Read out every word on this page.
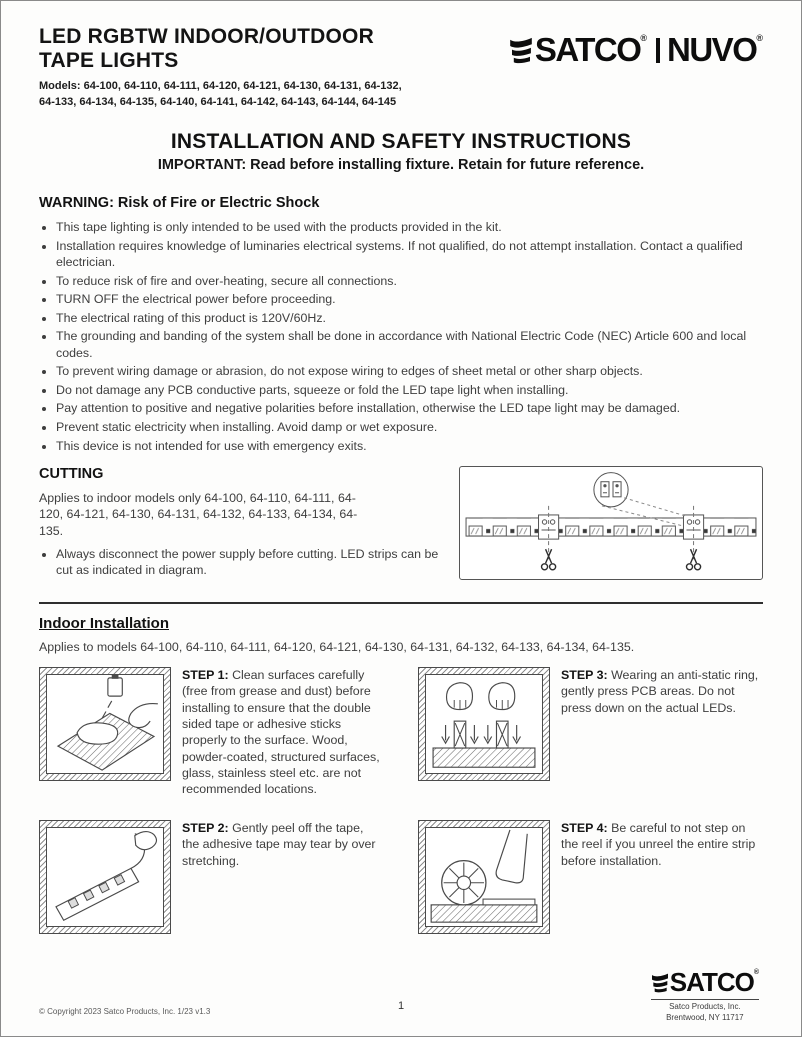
LED RGBTW INDOOR/OUTDOOR
TAPE LIGHTS
Models: 64-100, 64-110, 64-111, 64-120, 64-121, 64-130, 64-131, 64-132,
64-133, 64-134, 64-135, 64-140, 64-141, 64-142, 64-143, 64-144, 64-145
SATCO® NUVO®
INSTALLATION AND SAFETY INSTRUCTIONS

IMPORTANT: Read before installing fixture. Retain for future reference.

WARNING: Risk of Fire or Electric Shock
• This tape lighting is only intended to be used with the products provided in the kit.
• Installation requires knowledge of luminaries electrical systems. If not qualified, do not attempt installation. Contact a qualified electrician.
• To reduce risk of fire and over-heating, secure all connections.
• TURN OFF the electrical power before proceeding.
• The electrical rating of this product is 120V/60Hz.
• The grounding and banding of the system shall be done in accordance with National Electric Code (NEC) Article 600 and local codes.
• To prevent wiring damage or abrasion, do not expose wiring to edges of sheet metal or other sharp objects.
• Do not damage any PCB conductive parts, squeeze or fold the LED tape light when installing.
• Pay attention to positive and negative polarities before installation, otherwise the LED tape light may be damaged.
• Prevent static electricity when installing. Avoid damp or wet exposure.
• This device is not intended for use with emergency exits.
CUTTING

Applies to indoor models only 64-100, 64-110, 64-111, 64-120, 64-121, 64-130, 64-131, 64-132, 64-133, 64-134, 64-135.

• Always disconnect the power supply before cutting. LED strips can be cut as indicated in diagram.
Indoor Installation

Applies to models 64-100, 64-110, 64-111, 64-120, 64-121, 64-130, 64-131, 64-132, 64-133, 64-134, 64-135.

STEP 1: Clean surfaces carefully (free from grease and dust) before installing to ensure that the double sided tape or adhesive sticks properly to the surface. Wood, powder-coated, structured surfaces, glass, stainless steel etc. are not recommended locations.

STEP 3: Wearing an anti-static ring, gently press PCB areas. Do not press down on the actual LEDs.

STEP 2: Gently peel off the tape, the adhesive tape may tear by over stretching.

STEP 4: Be careful to not step on the reel if you unreel the entire strip before installation.

© Copyright 2023 Satco Products, Inc. 1/23 v1.3	1
SATCO®
Satco Products, Inc.
Brentwood, NY 11717
